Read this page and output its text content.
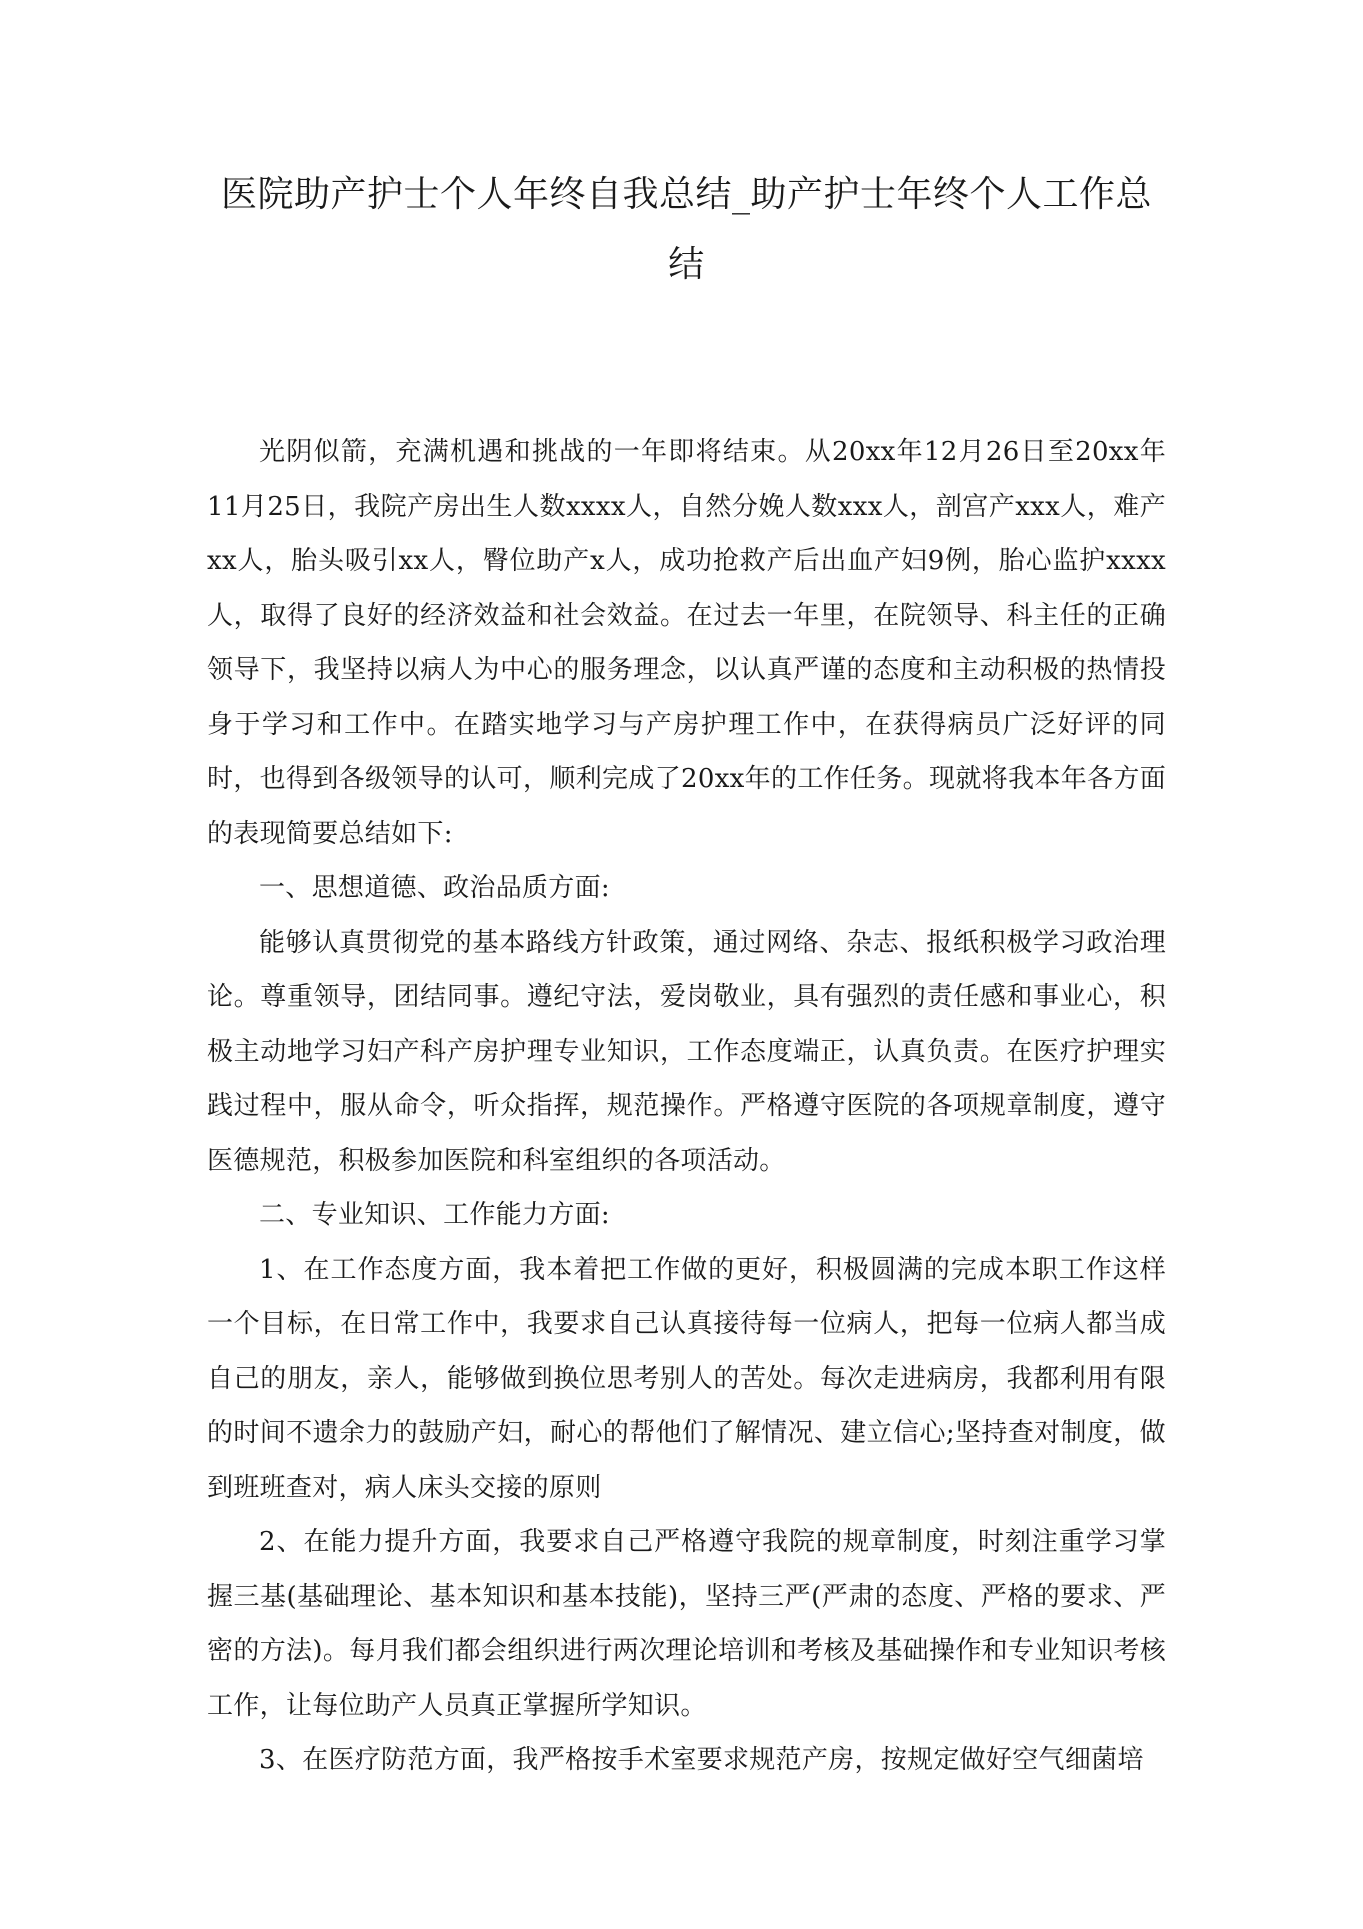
医院助产护士个人年终自我总结_助产护士年终个人工作总结

光阴似箭，充满机遇和挑战的一年即将结束。从20xx年12月26日至20xx年11月25日，我院产房出生人数xxxx人，自然分娩人数xxx人，剖宫产xxx人，难产xx人，胎头吸引xx人，臀位助产x人，成功抢救产后出血产妇9例，胎心监护xxxx人，取得了良好的经济效益和社会效益。在过去一年里，在院领导、科主任的正确领导下，我坚持以病人为中心的服务理念，以认真严谨的态度和主动积极的热情投身于学习和工作中。在踏实地学习与产房护理工作中，在获得病员广泛好评的同时，也得到各级领导的认可，顺利完成了20xx年的工作任务。现就将我本年各方面的表现简要总结如下:

一、思想道德、政治品质方面:

能够认真贯彻党的基本路线方针政策，通过网络、杂志、报纸积极学习政治理论。尊重领导，团结同事。遵纪守法，爱岗敬业，具有强烈的责任感和事业心，积极主动地学习妇产科产房护理专业知识，工作态度端正，认真负责。在医疗护理实践过程中，服从命令，听众指挥，规范操作。严格遵守医院的各项规章制度，遵守医德规范，积极参加医院和科室组织的各项活动。

二、专业知识、工作能力方面:

1、在工作态度方面，我本着把工作做的更好，积极圆满的完成本职工作这样一个目标，在日常工作中，我要求自己认真接待每一位病人，把每一位病人都当成自己的朋友，亲人，能够做到换位思考别人的苦处。每次走进病房，我都利用有限的时间不遗余力的鼓励产妇，耐心的帮他们了解情况、建立信心;坚持查对制度，做到班班查对，病人床头交接的原则

2、在能力提升方面，我要求自己严格遵守我院的规章制度，时刻注重学习掌握三基(基础理论、基本知识和基本技能)，坚持三严(严肃的态度、严格的要求、严密的方法)。每月我们都会组织进行两次理论培训和考核及基础操作和专业知识考核工作，让每位助产人员真正掌握所学知识。

3、在医疗防范方面，我严格按手术室要求规范产房，按规定做好空气细菌培
